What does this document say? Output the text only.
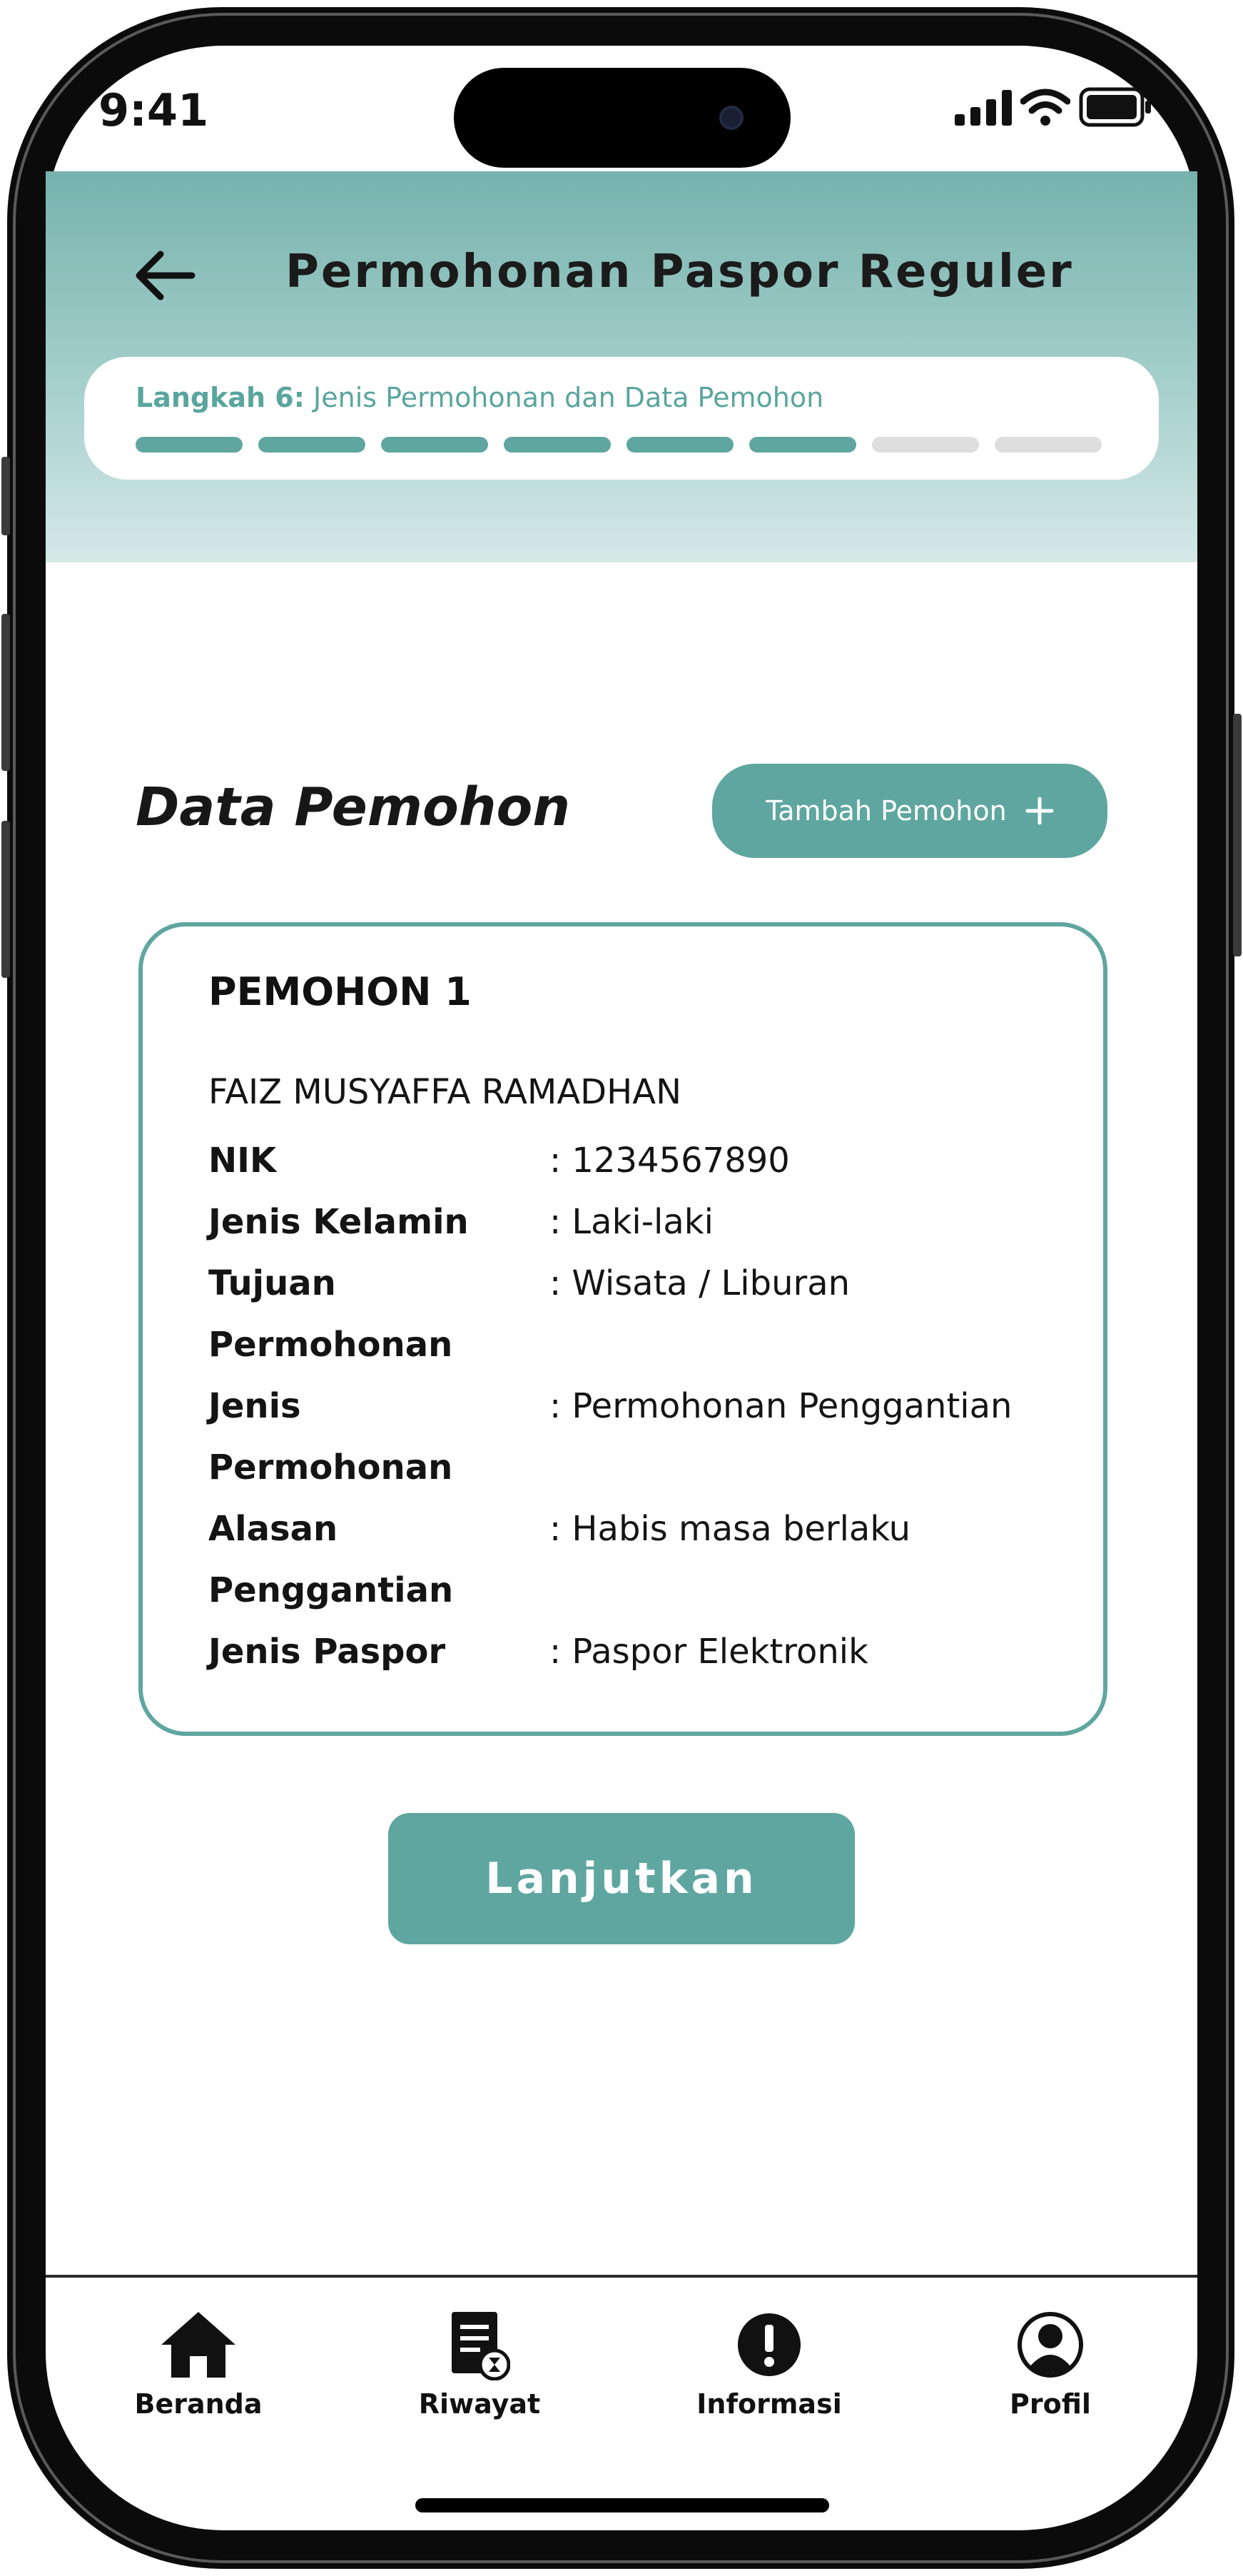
9:41
Permohonan Paspor Reguler
Langkah 6: Jenis Permohonan dan Data Pemohon
Data Pemohon	Tambah Pemohon
PEMOHON 1
FAIZ MUSYAFFA RAMADHAN
NIK	: 1234567890
Jenis Kelamin : Laki-laki
Tujuan
Permohonan
: Wisata / Liburan
Jenis
Permohonan
: Permohonan Penggantian
Alasan
Penggantian
: Habis masa berlaku
Jenis Paspor	: Paspor Elektronik
Lanjutkan
Beranda	Riwayat	Informasi	Profil
